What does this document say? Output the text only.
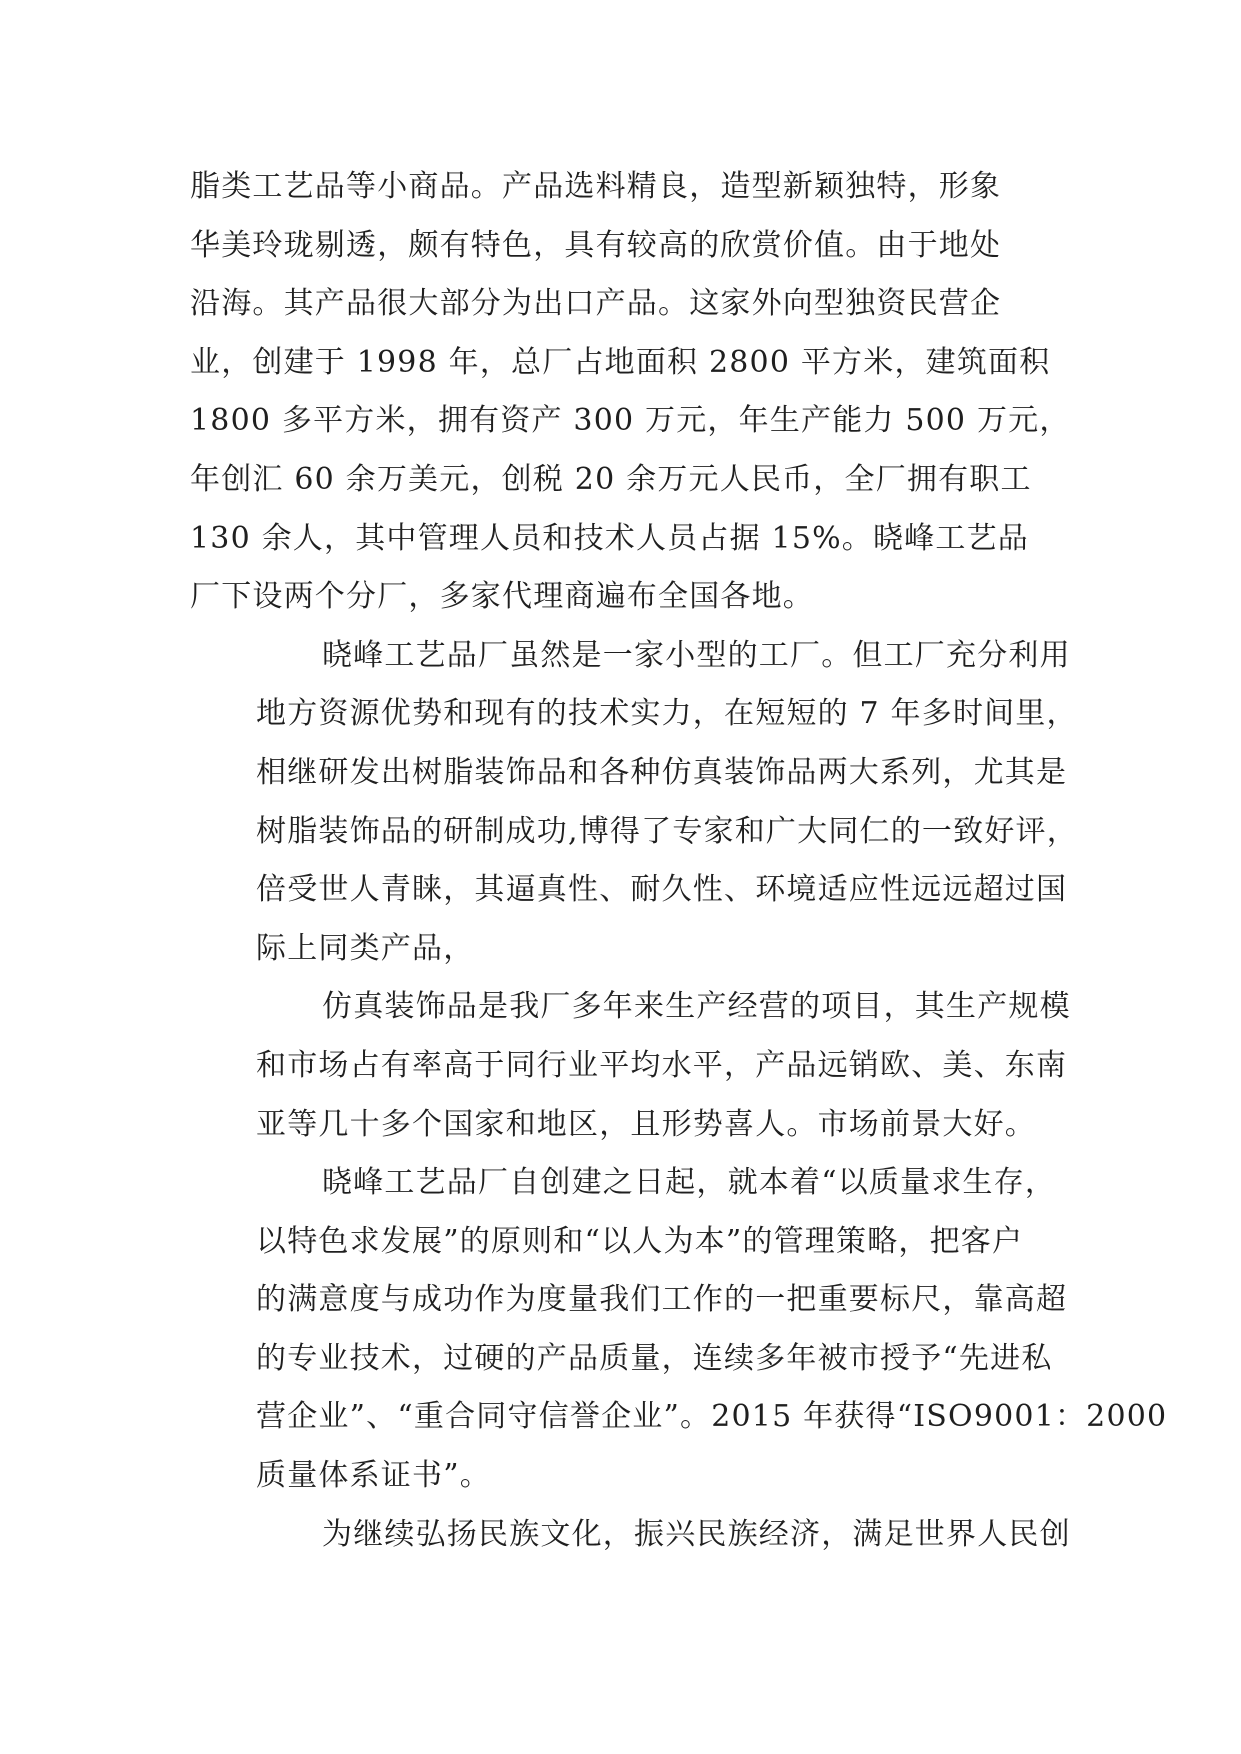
脂类工艺品等小商品。产品选料精良，造型新颖独特，形象
华美玲珑剔透，颇有特色，具有较高的欣赏价值。由于地处
沿海。其产品很大部分为出口产品。这家外向型独资民营企
业，创建于 1998 年，总厂占地面积 2800 平方米，建筑面积
1800 多平方米，拥有资产 300 万元，年生产能力 500 万元，
年创汇 60 余万美元，创税 20 余万元人民币，全厂拥有职工
130 余人，其中管理人员和技术人员占据 15%。晓峰工艺品
厂下设两个分厂，多家代理商遍布全国各地。

晓峰工艺品厂虽然是一家小型的工厂。但工厂充分利用
地方资源优势和现有的技术实力，在短短的 7 年多时间里，
相继研发出树脂装饰品和各种仿真装饰品两大系列，尤其是
树脂装饰品的研制成功,博得了专家和广大同仁的一致好评，
倍受世人青睐，其逼真性、耐久性、环境适应性远远超过国
际上同类产品，

仿真装饰品是我厂多年来生产经营的项目，其生产规模
和市场占有率高于同行业平均水平，产品远销欧、美、东南
亚等几十多个国家和地区，且形势喜人。市场前景大好。

晓峰工艺品厂自创建之日起，就本着“以质量求生存，
以特色求发展”的原则和“以人为本”的管理策略，把客户
的满意度与成功作为度量我们工作的一把重要标尺，靠高超
的专业技术，过硬的产品质量，连续多年被市授予“先进私
营企业”、“重合同守信誉企业”。2015 年获得“ISO9001：2000
质量体系证书”。

为继续弘扬民族文化，振兴民族经济，满足世界人民创
